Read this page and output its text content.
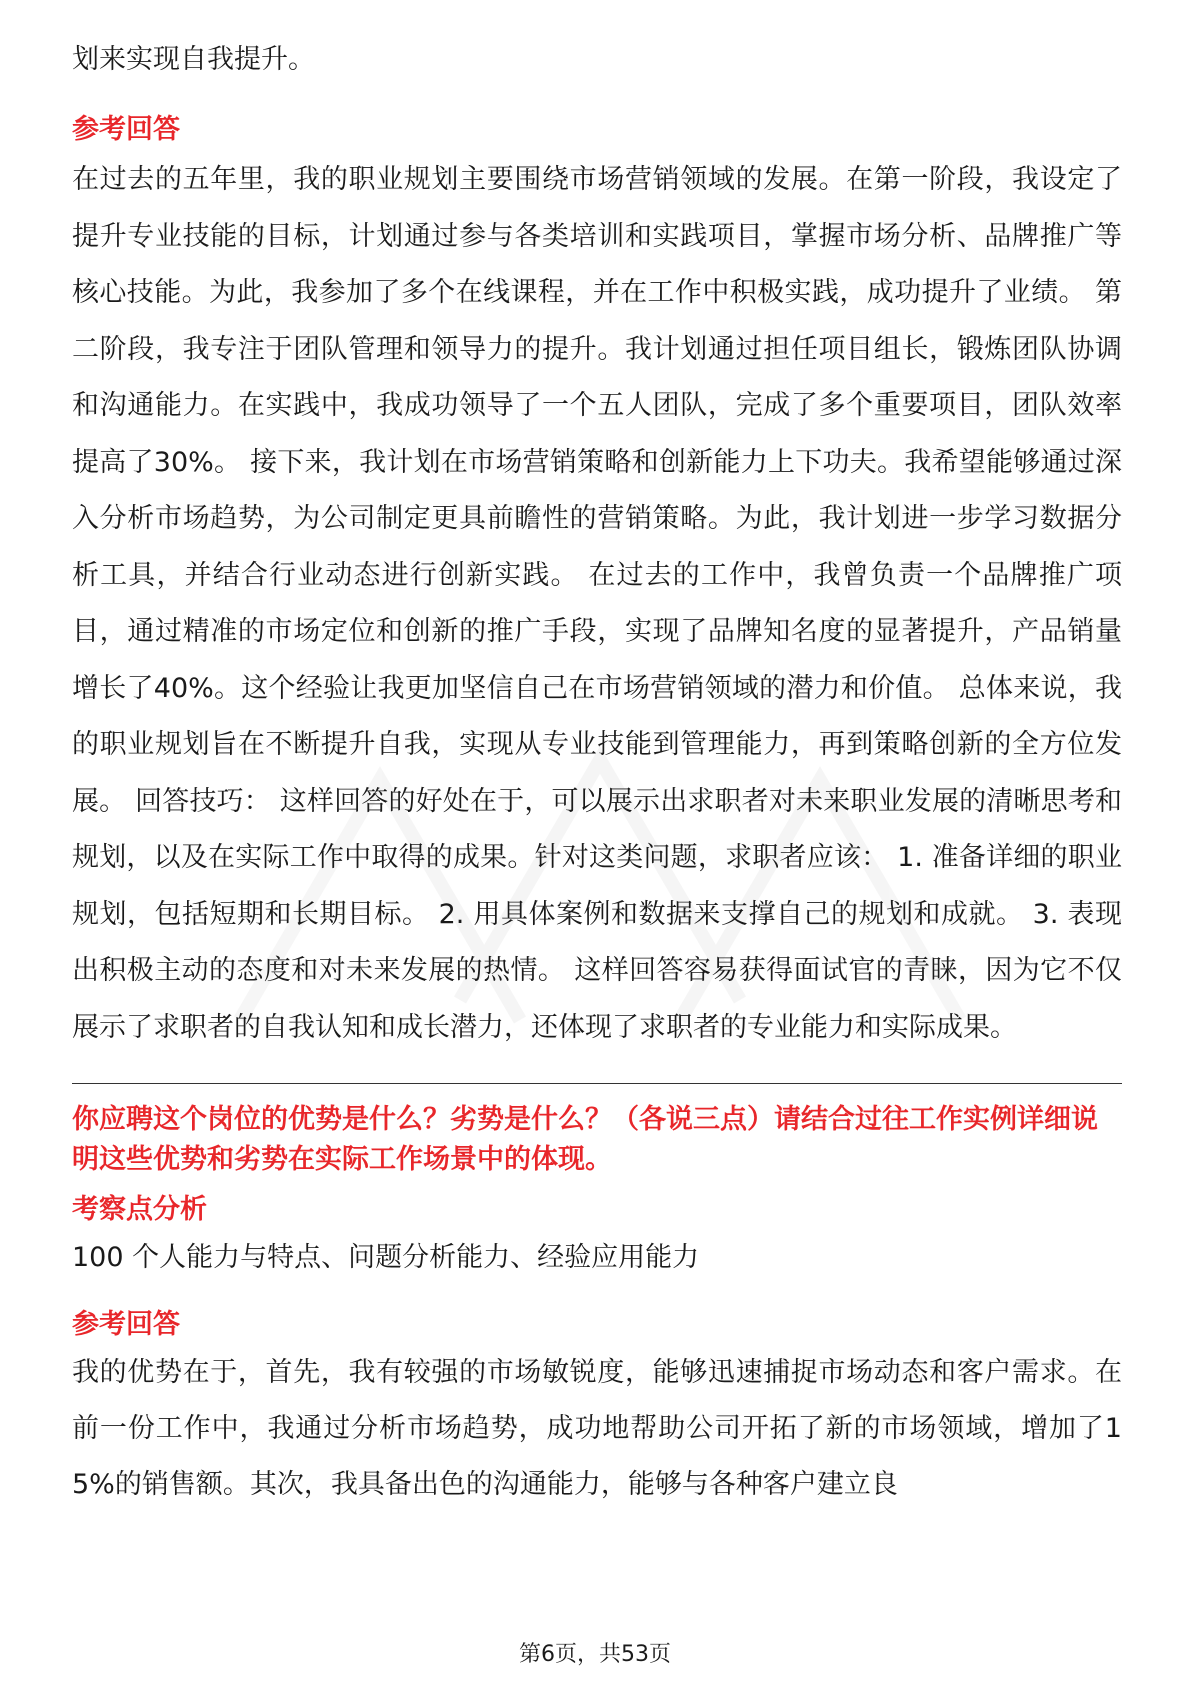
划来实现自我提升。

参考回答

在过去的五年里，我的职业规划主要围绕市场营销领域的发展。在第一阶段，我设定了提升专业技能的目标，计划通过参与各类培训和实践项目，掌握市场分析、品牌推广等核心技能。为此，我参加了多个在线课程，并在工作中积极实践，成功提升了业绩。 第二阶段，我专注于团队管理和领导力的提升。我计划通过担任项目组长，锻炼团队协调和沟通能力。在实践中，我成功领导了一个五人团队，完成了多个重要项目，团队效率提高了30%。 接下来，我计划在市场营销策略和创新能力上下功夫。我希望能够通过深入分析市场趋势，为公司制定更具前瞻性的营销策略。为此，我计划进一步学习数据分析工具，并结合行业动态进行创新实践。 在过去的工作中，我曾负责一个品牌推广项目，通过精准的市场定位和创新的推广手段，实现了品牌知名度的显著提升，产品销量增长了40%。这个经验让我更加坚信自己在市场营销领域的潜力和价值。 总体来说，我的职业规划旨在不断提升自我，实现从专业技能到管理能力，再到策略创新的全方位发展。 回答技巧： 这样回答的好处在于，可以展示出求职者对未来职业发展的清晰思考和规划，以及在实际工作中取得的成果。针对这类问题，求职者应该： 1. 准备详细的职业规划，包括短期和长期目标。 2. 用具体案例和数据来支撑自己的规划和成就。 3. 表现出积极主动的态度和对未来发展的热情。 这样回答容易获得面试官的青睐，因为它不仅展示了求职者的自我认知和成长潜力，还体现了求职者的专业能力和实际成果。

你应聘这个岗位的优势是什么？劣势是什么？（各说三点）请结合过往工作实例详细说明这些优势和劣势在实际工作场景中的体现。
考察点分析

100 个人能力与特点、问题分析能力、经验应用能力

参考回答

我的优势在于，首先，我有较强的市场敏锐度，能够迅速捕捉市场动态和客户需求。在前一份工作中，我通过分析市场趋势，成功地帮助公司开拓了新的市场领域，增加了15%的销售额。其次，我具备出色的沟通能力，能够与各种客户建立良

第6页，共53页
